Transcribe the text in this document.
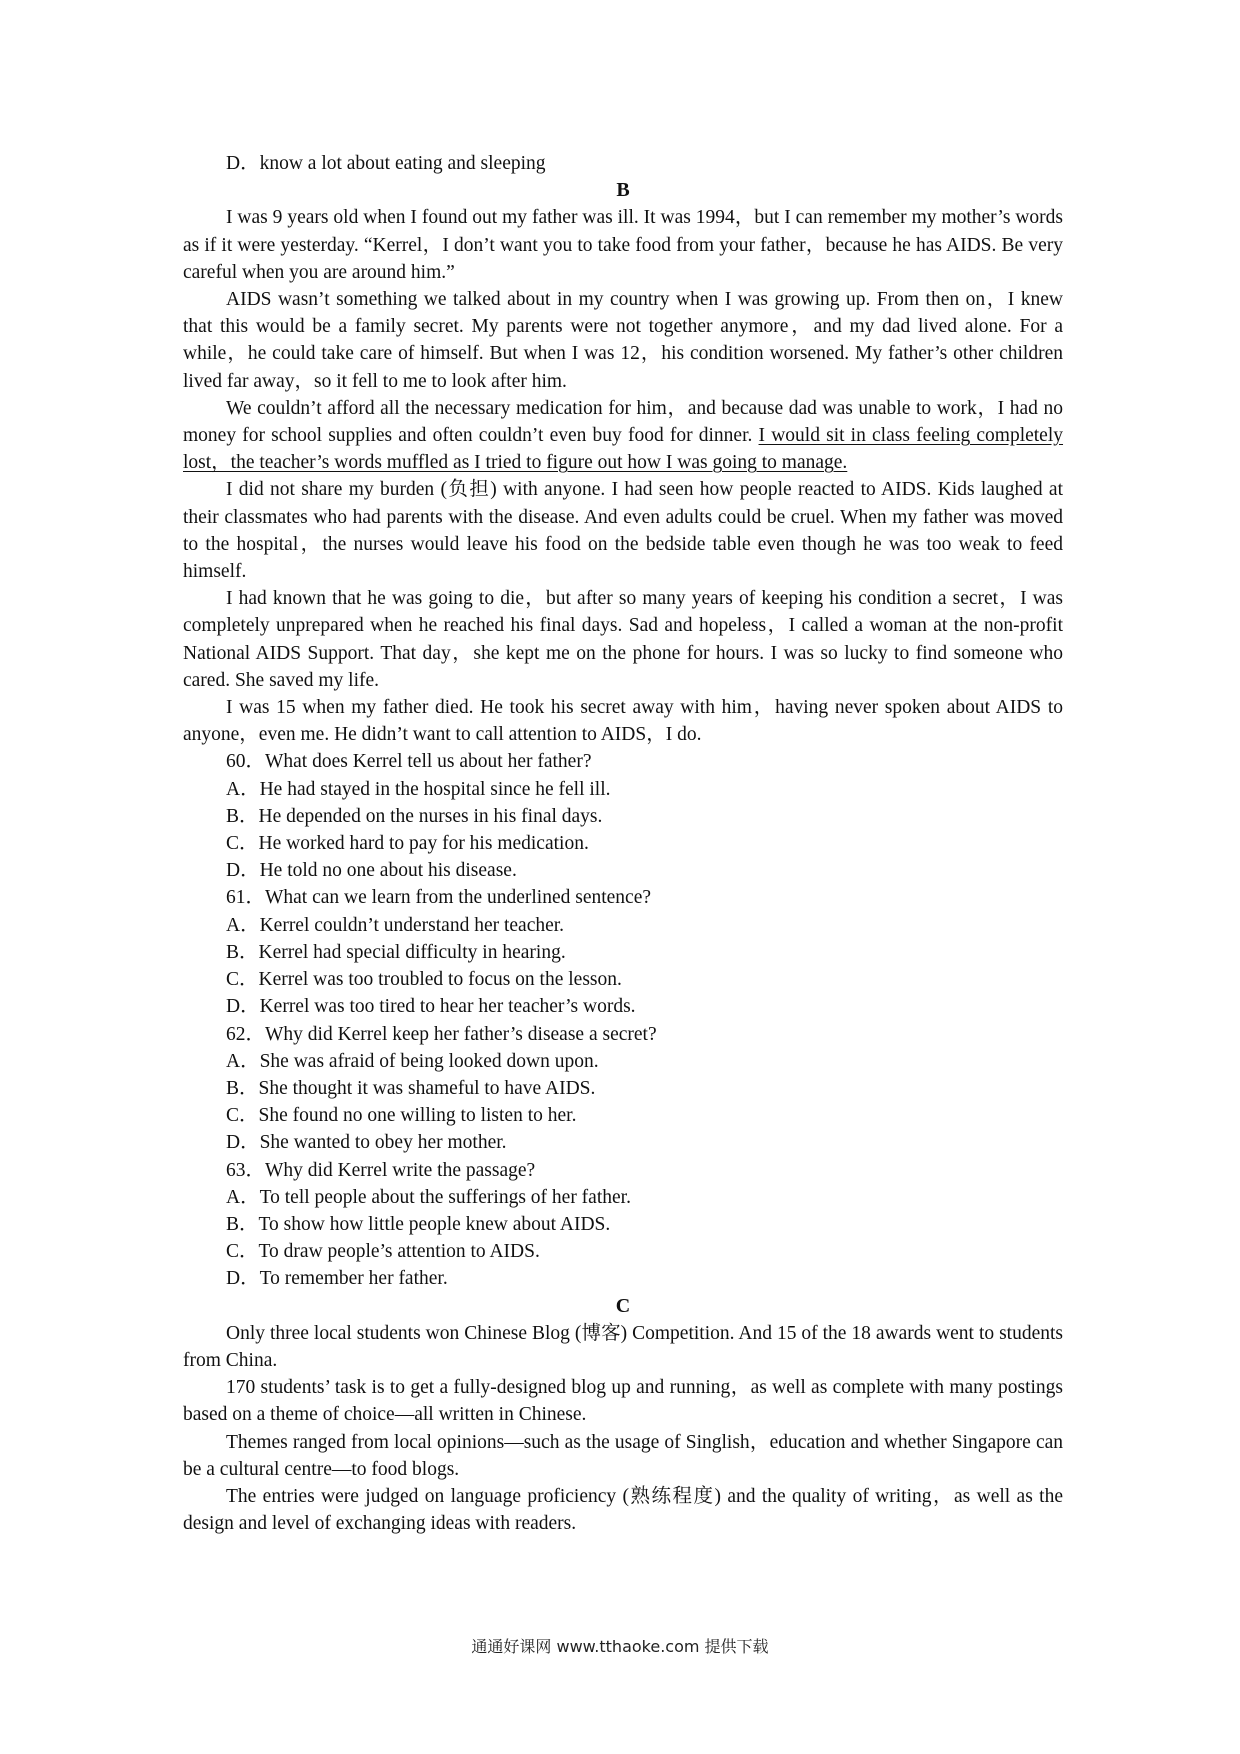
D．know a lot about eating and sleeping

B

I was 9 years old when I found out my father was ill. It was 1994，but I can remember my mother’s words as if it were yesterday. “Kerrel，I don’t want you to take food from your father，because he has AIDS. Be very careful when you are around him.”

AIDS wasn’t something we talked about in my country when I was growing up. From then on，I knew that this would be a family secret. My parents were not together anymore，and my dad lived alone. For a while，he could take care of himself. But when I was 12，his condition worsened. My father’s other children lived far away，so it fell to me to look after him.

We couldn’t afford all the necessary medication for him，and because dad was unable to work，I had no money for school supplies and often couldn’t even buy food for dinner. I would sit in class feeling completely lost，the teacher’s words muffled as I tried to figure out how I was going to manage.

I did not share my burden (负担) with anyone. I had seen how people reacted to AIDS. Kids laughed at their classmates who had parents with the disease. And even adults could be cruel. When my father was moved to the hospital，the nurses would leave his food on the bedside table even though he was too weak to feed himself.

I had known that he was going to die，but after so many years of keeping his condition a secret，I was completely unprepared when he reached his final days. Sad and hopeless，I called a woman at the non-profit National AIDS Support. That day，she kept me on the phone for hours. I was so lucky to find someone who cared. She saved my life.

I was 15 when my father died. He took his secret away with him，having never spoken about AIDS to anyone，even me. He didn’t want to call attention to AIDS，I do.

60．What does Kerrel tell us about her father?

A．He had stayed in the hospital since he fell ill.

B．He depended on the nurses in his final days.

C．He worked hard to pay for his medication.

D．He told no one about his disease.

61．What can we learn from the underlined sentence?

A．Kerrel couldn’t understand her teacher.

B．Kerrel had special difficulty in hearing.

C．Kerrel was too troubled to focus on the lesson.

D．Kerrel was too tired to hear her teacher’s words.

62．Why did Kerrel keep her father’s disease a secret?

A．She was afraid of being looked down upon.

B．She thought it was shameful to have AIDS.

C．She found no one willing to listen to her.

D．She wanted to obey her mother.

63．Why did Kerrel write the passage?

A．To tell people about the sufferings of her father.

B．To show how little people knew about AIDS.

C．To draw people’s attention to AIDS.

D．To remember her father.

C

Only three local students won Chinese Blog (博客) Competition. And 15 of the 18 awards went to students from China.

170 students’ task is to get a fully-designed blog up and running，as well as complete with many postings based on a theme of choice—all written in Chinese.

Themes ranged from local opinions—such as the usage of Singlish，education and whether Singapore can be a cultural centre—to food blogs.

The entries were judged on language proficiency (熟练程度) and the quality of writing，as well as the design and level of exchanging ideas with readers.

通通好课网 www.tthaoke.com 提供下载
